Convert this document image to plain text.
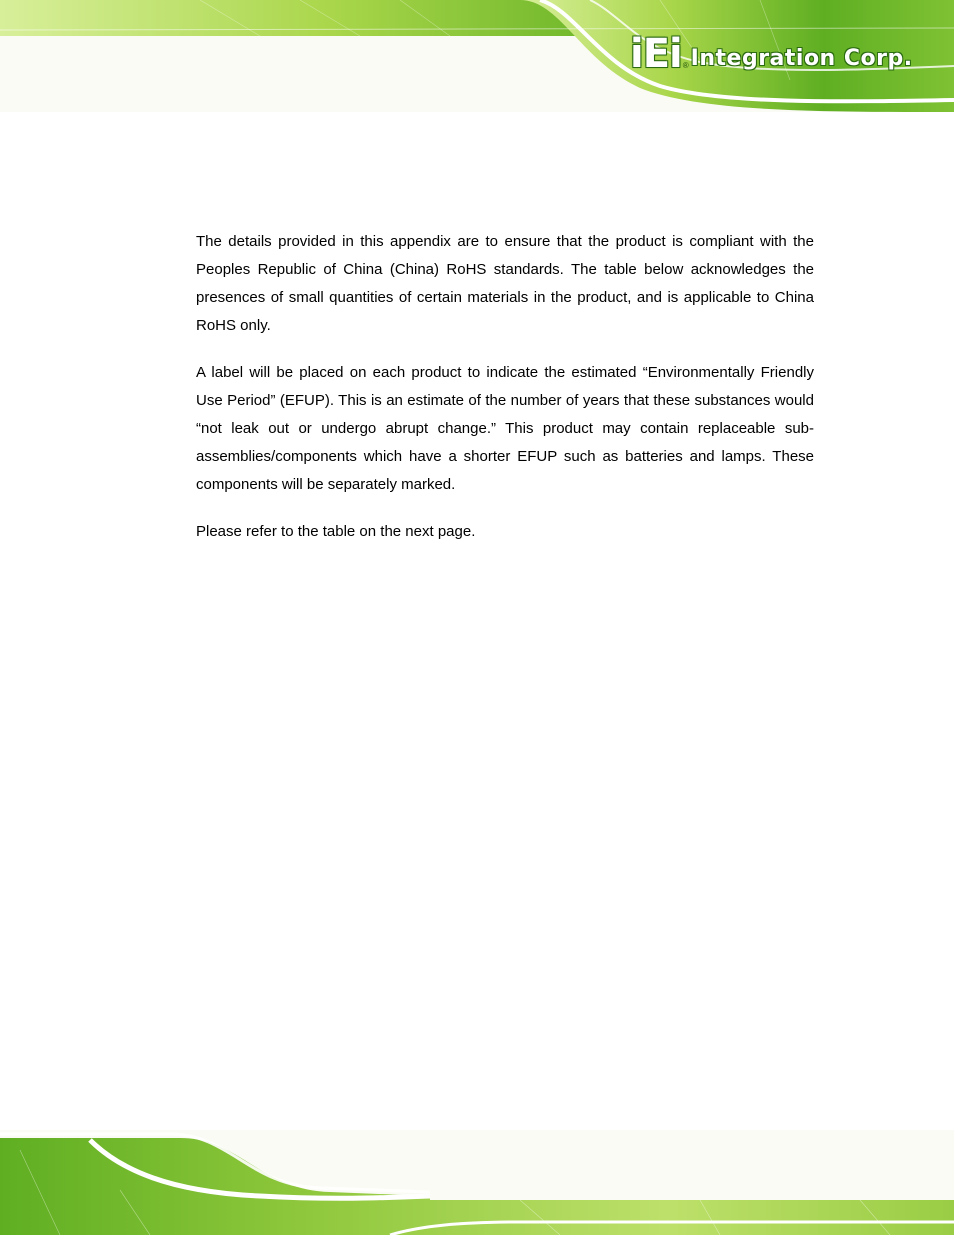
iEi ® Integration Corp.

The details provided in this appendix are to ensure that the product is compliant with the Peoples Republic of China (China) RoHS standards. The table below acknowledges the presences of small quantities of certain materials in the product, and is applicable to China RoHS only.

A label will be placed on each product to indicate the estimated “Environmentally Friendly Use Period” (EFUP). This is an estimate of the number of years that these substances would “not leak out or undergo abrupt change.” This product may contain replaceable sub-assemblies/components which have a shorter EFUP such as batteries and lamps. These components will be separately marked.

Please refer to the table on the next page.
